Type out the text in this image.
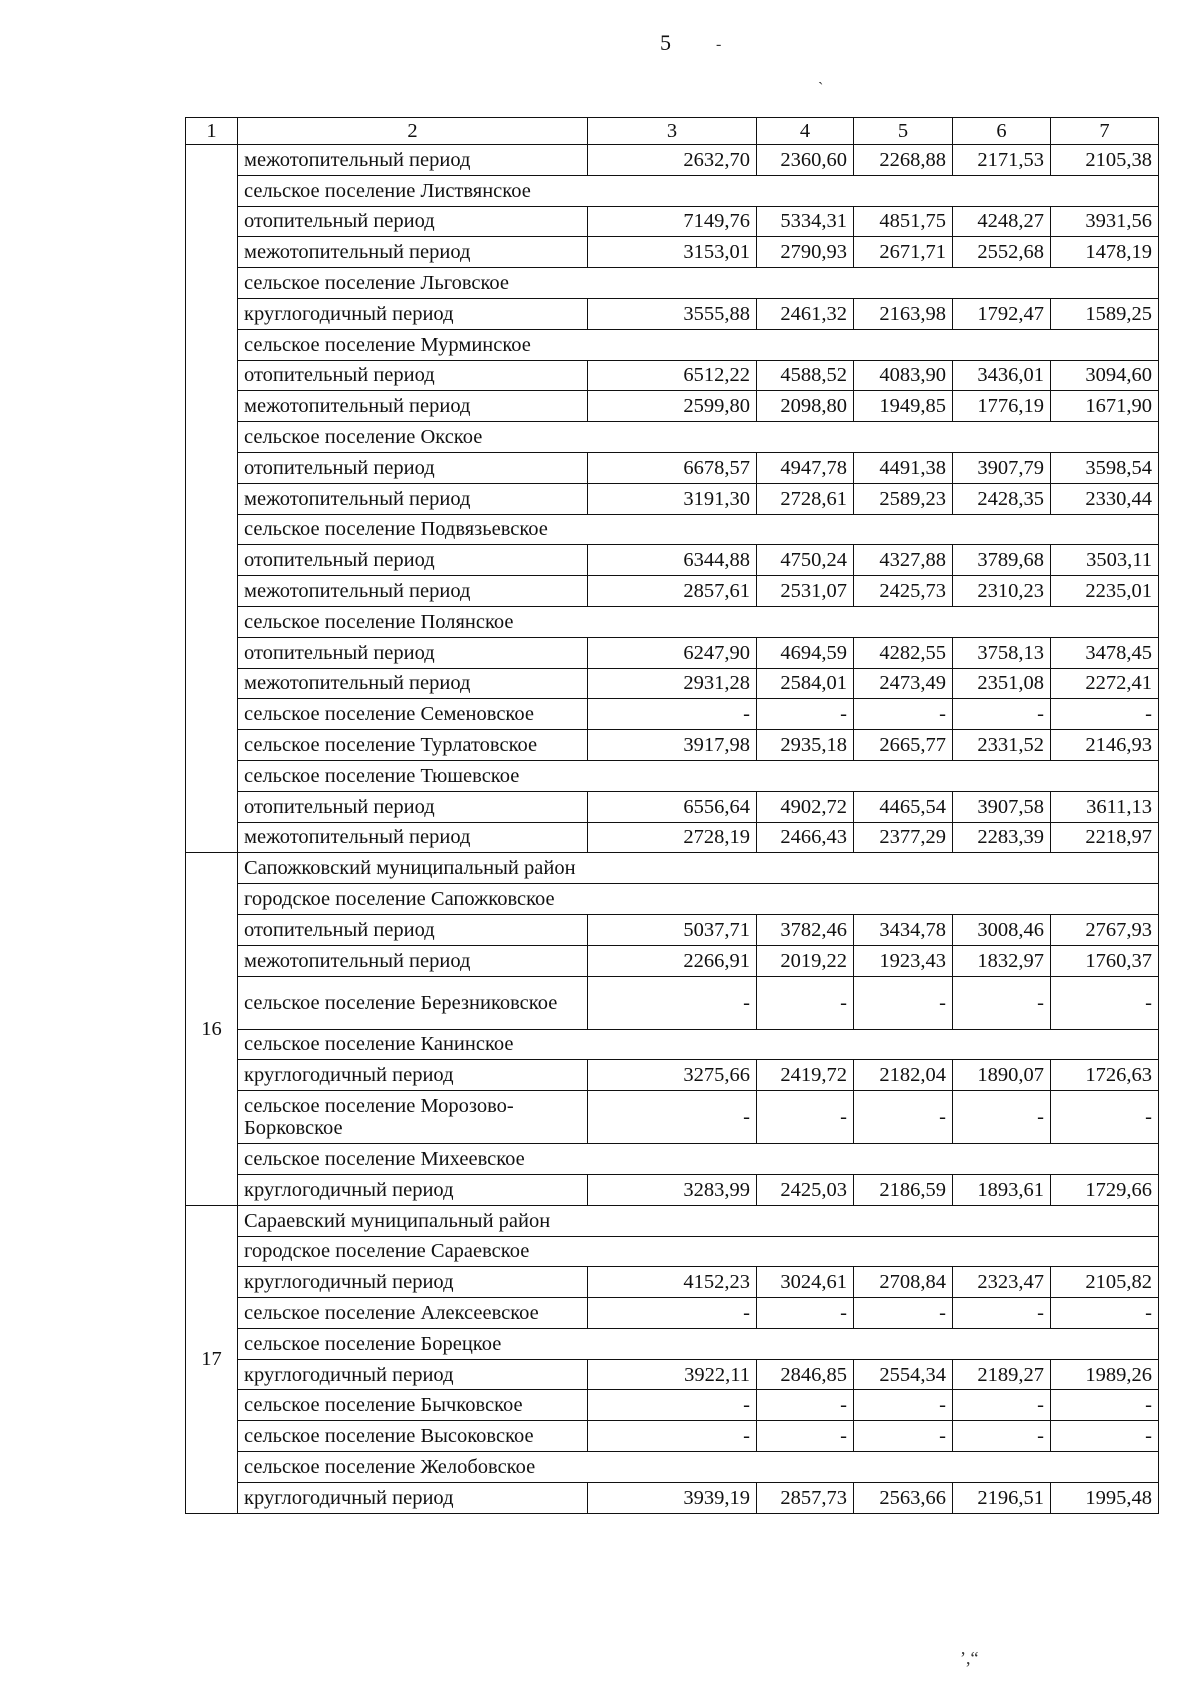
5	-
`
1	2	3	4	5	6	7
	межотопительный период	2632,70	2360,60	2268,88	2171,53	2105,38
	сельское поселение Листвянское					
	отопительный период	7149,76	5334,31	4851,75	4248,27	3931,56
	межотопительный период	3153,01	2790,93	2671,71	2552,68	1478,19
	сельское поселение Льговское					
	круглогодичный период	3555,88	2461,32	2163,98	1792,47	1589,25
	сельское поселение Мурминское					
	отопительный период	6512,22	4588,52	4083,90	3436,01	3094,60
	межотопительный период	2599,80	2098,80	1949,85	1776,19	1671,90
	сельское поселение Окское					
	отопительный период	6678,57	4947,78	4491,38	3907,79	3598,54
	межотопительный период	3191,30	2728,61	2589,23	2428,35	2330,44
	сельское поселение Подвязьевское					
	отопительный период	6344,88	4750,24	4327,88	3789,68	3503,11
	межотопительный период	2857,61	2531,07	2425,73	2310,23	2235,01
	сельское поселение Полянское					
	отопительный период	6247,90	4694,59	4282,55	3758,13	3478,45
	межотопительный период	2931,28	2584,01	2473,49	2351,08	2272,41
	сельское поселение Семеновское	-	-	-	-	-
	сельское поселение Турлатовское	3917,98	2935,18	2665,77	2331,52	2146,93
	сельское поселение Тюшевское					
	отопительный период	6556,64	4902,72	4465,54	3907,58	3611,13
	межотопительный период	2728,19	2466,43	2377,29	2283,39	2218,97
16	Сапожковский муниципальный район					
	городское поселение Сапожковское					
	отопительный период	5037,71	3782,46	3434,78	3008,46	2767,93
	межотопительный период	2266,91	2019,22	1923,43	1832,97	1760,37
	сельское поселение Березниковское	-	-	-	-	-
	сельское поселение Канинское					
	круглогодичный период	3275,66	2419,72	2182,04	1890,07	1726,63
	сельское поселение Морозово-Борковское	-	-	-	-	-
	сельское поселение Михеевское					
	круглогодичный период	3283,99	2425,03	2186,59	1893,61	1729,66
17	Сараевский муниципальный район					
	городское поселение Сараевское					
	круглогодичный период	4152,23	3024,61	2708,84	2323,47	2105,82
	сельское поселение Алексеевское	-	-	-	-	-
	сельское поселение Борецкое					
	круглогодичный период	3922,11	2846,85	2554,34	2189,27	1989,26
	сельское поселение Бычковское	-	-	-	-	-
	сельское поселение Высоковское	-	-	-	-	-
	сельское поселение Желобовское					
	круглогодичный период	3939,19	2857,73	2563,66	2196,51	1995,48
’,“
